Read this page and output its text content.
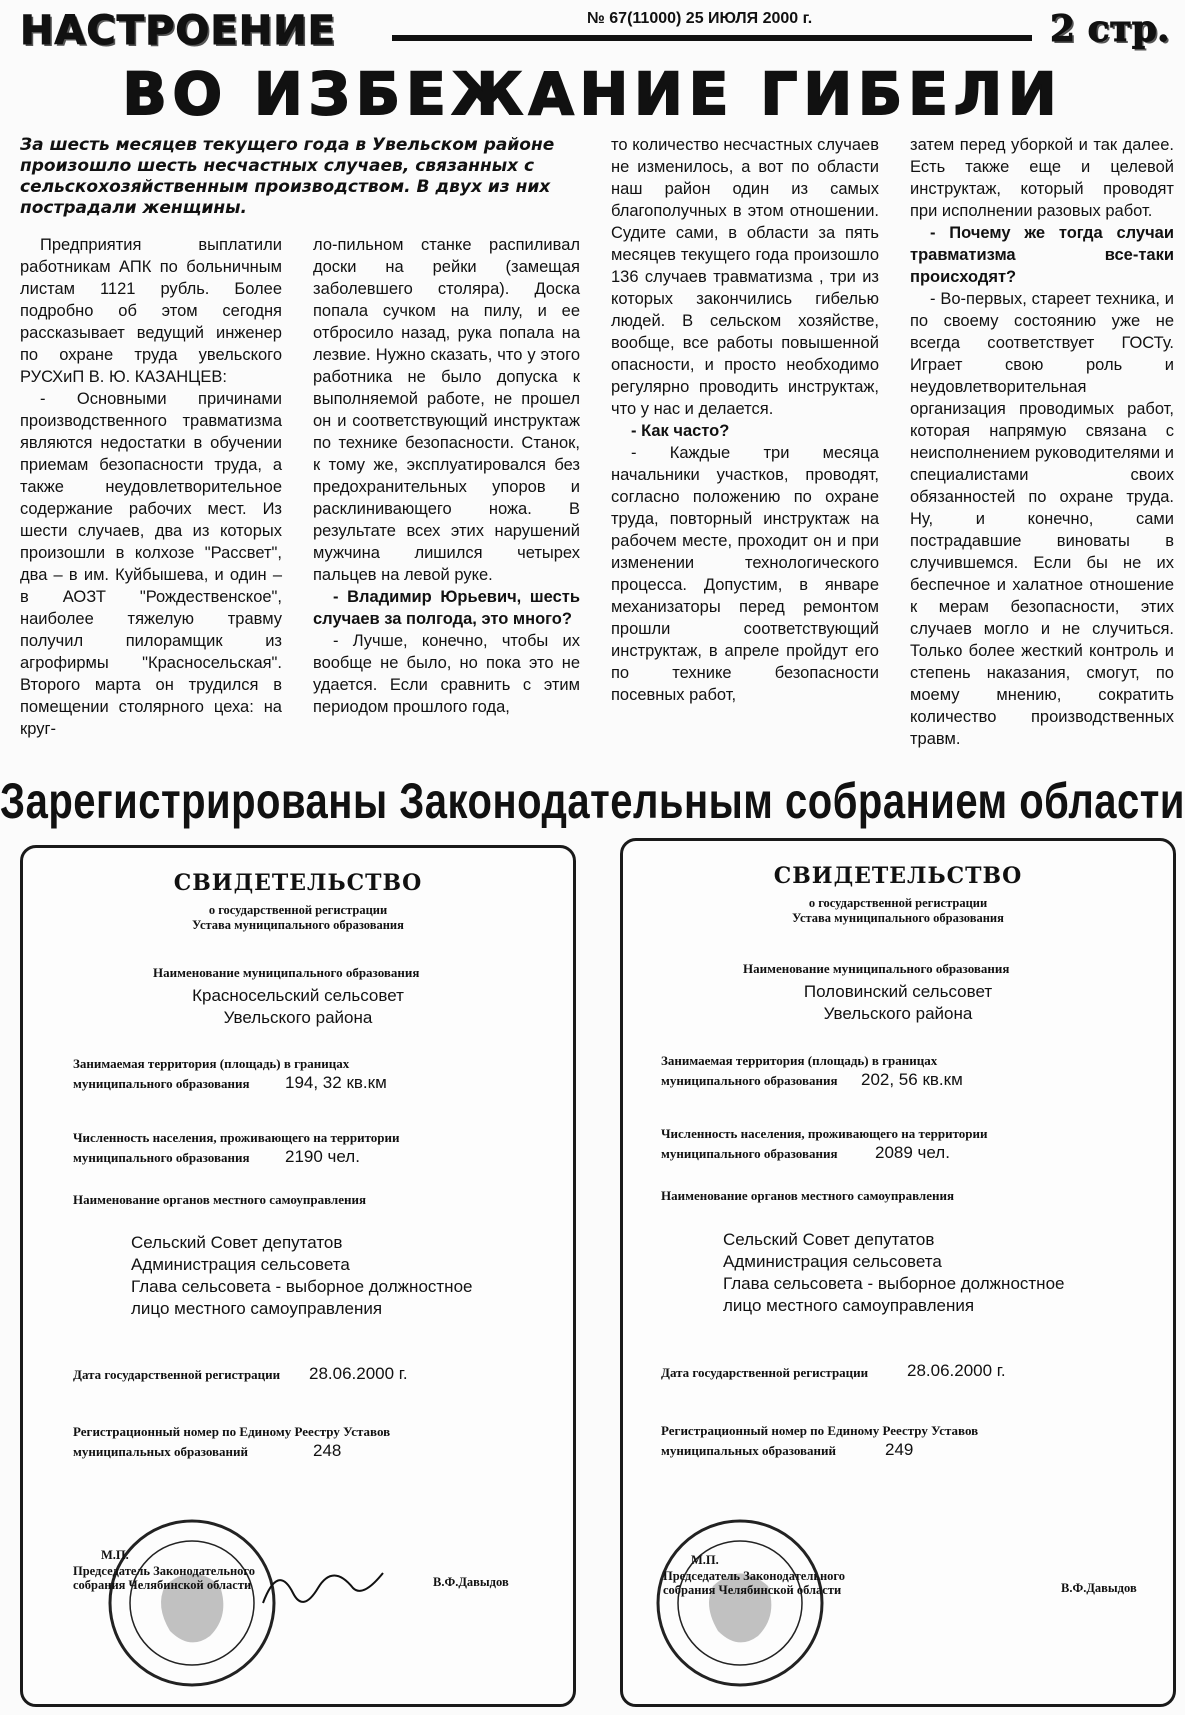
НАСТРОЕНИЕ	№ 67(11000) 25 ИЮЛЯ 2000 г.	2 стр.
ВО ИЗБЕЖАНИЕ ГИБЕЛИ
За шесть месяцев текущего года в Увельском районе произошло шесть несчастных случаев, связанных с сельскохозяйственным производством. В двух из них пострадали женщины.

Предприятия выплатили работникам АПК по больничным листам 1121 рубль. Более подробно об этом сегодня рассказывает ведущий инженер по охране труда увельского РУСХиП В. Ю. КАЗАНЦЕВ:

- Основными причинами производственного травматизма являются недостатки в обучении приемам безопасности труда, а также неудовлетворительное содержание рабочих мест. Из шести случаев, два из которых произошли в колхозе "Рассвет", два – в им. Куйбышева, и один – в АОЗТ "Рождественское", наиболее тяжелую травму получил пилорамщик из агрофирмы "Красносельская". Второго марта он трудился в помещении столярного цеха: на круг-

ло-пильном станке распиливал доски на рейки (замещая заболевшего столяра). Доска попала сучком на пилу, и ее отбросило назад, рука попала на лезвие. Нужно сказать, что у этого работника не было допуска к выполняемой работе, не прошел он и соответствующий инструктаж по технике безопасности. Станок, к тому же, эксплуатировался без предохранительных упоров и расклинивающего ножа. В результате всех этих нарушений мужчина лишился четырех пальцев на левой руке.

- Владимир Юрьевич, шесть случаев за полгода, это много?

- Лучше, конечно, чтобы их вообще не было, но пока это не удается. Если сравнить с этим периодом прошлого года,

то количество несчастных случаев не изменилось, а вот по области наш район один из самых благополучных в этом отношении. Судите сами, в области за пять месяцев текущего года произошло 136 случаев травматизма , три из которых закончились гибелью людей. В сельском хозяйстве, вообще, все работы повышенной опасности, и просто необходимо регулярно проводить инструктаж, что у нас и делается.

- Как часто?

- Каждые три месяца начальники участков, проводят, согласно положению по охране труда, повторный инструктаж на рабочем месте, проходит он и при изменении технологического процесса. Допустим, в январе механизаторы перед ремонтом прошли соответствующий инструктаж, в апреле пройдут его по технике безопасности посевных работ,

затем перед уборкой и так далее. Есть также еще и целевой инструктаж, который проводят при исполнении разовых работ.

- Почему же тогда случаи травматизма все-таки происходят?

- Во-первых, стареет техника, и по своему состоянию уже не всегда соответствует ГОСТу. Играет свою роль и неудовлетворительная организация проводимых работ, которая напрямую связана с неисполнением руководителями и специалистами своих обязанностей по охране труда. Ну, и конечно, сами пострадавшие виноваты в случившемся. Если бы не их беспечное и халатное отношение к мерам безопасности, этих случаев могло и не случиться. Только более жесткий контроль и степень наказания, смогут, по моему мнению, сократить количество производственных травм.

Зарегистрированы Законодательным собранием области
СВИДЕТЕЛЬСТВО
о государственной регистрации
Устава муниципального образования
Наименование муниципального образования
Красносельский сельсовет
Увельского района
Занимаемая территория (площадь) в границах
муниципального образования 194, 32 кв.км
Численность населения, проживающего на территории
муниципального образования 2190 чел.
Наименование органов местного самоуправления
Сельский Совет депутатов
Администрация сельсовета
Глава сельсовета - выборное должностное
лицо местного самоуправления
Дата государственной регистрации 28.06.2000 г.
Регистрационный номер по Единому Реестру Уставов
муниципальных образований	248
М.П.
Председатель Законодательного
собрания Челябинской области	В.Ф.Давыдов
СВИДЕТЕЛЬСТВО
о государственной регистрации
Устава муниципального образования
Наименование муниципального образования
Половинский сельсовет
Увельского района
Занимаемая территория (площадь) в границах
муниципального образования 202, 56 кв.км
Численность населения, проживающего на территории
муниципального образования 2089 чел.
Наименование органов местного самоуправления
Сельский Совет депутатов
Администрация сельсовета
Глава сельсовета - выборное должностное
лицо местного самоуправления
Дата государственной регистрации 28.06.2000 г.
Регистрационный номер по Единому Реестру Уставов
муниципальных образований	249
М.П.
Председатель Законодательного
собрания Челябинской области	В.Ф.Давыдов
